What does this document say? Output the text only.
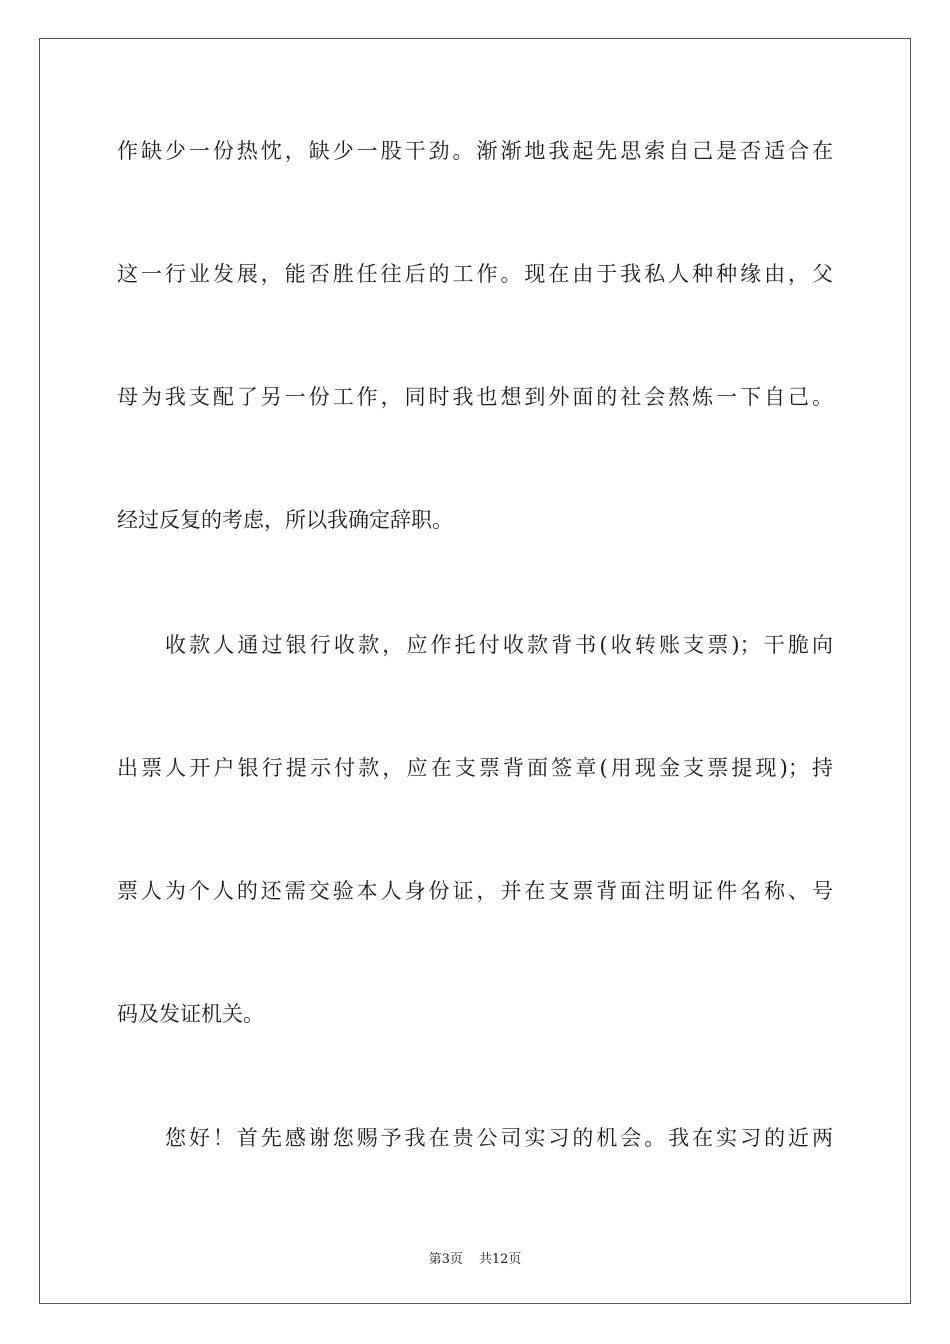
作缺少一份热忱，缺少一股干劲。渐渐地我起先思索自己是否适合在
这一行业发展，能否胜任往后的工作。现在由于我私人种种缘由，父
母为我支配了另一份工作，同时我也想到外面的社会熬炼一下自己。
经过反复的考虑，所以我确定辞职。
收款人通过银行收款，应作托付收款背书(收转账支票)；干脆向
出票人开户银行提示付款，应在支票背面签章(用现金支票提现)；持
票人为个人的还需交验本人身份证，并在支票背面注明证件名称、号
码及发证机关。
您好！首先感谢您赐予我在贵公司实习的机会。我在实习的近两
第3页 共12页
